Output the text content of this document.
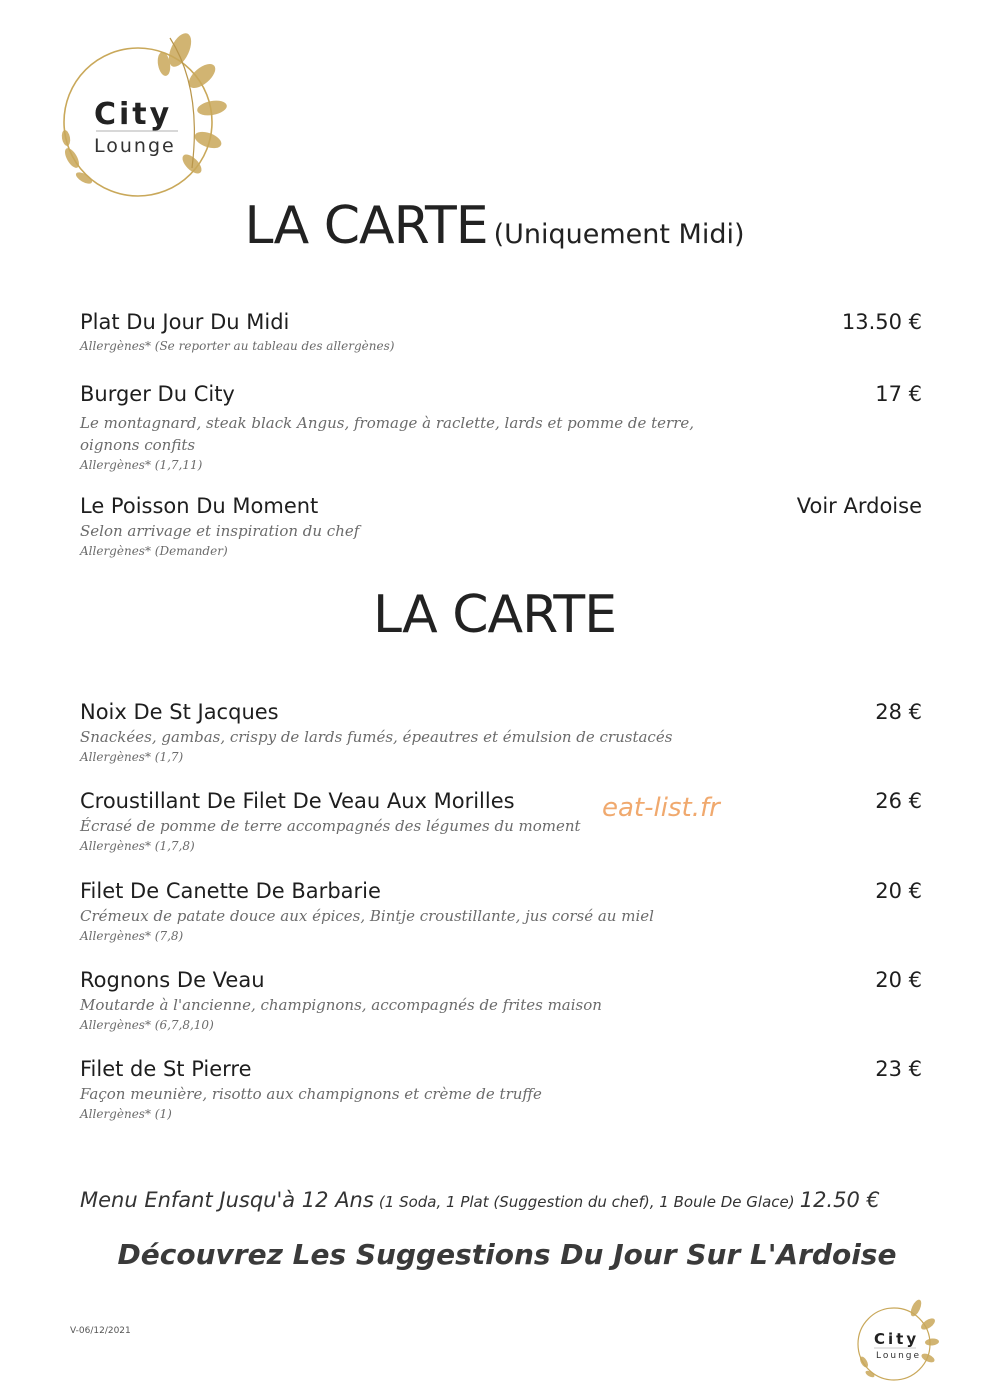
City
Lounge
LA CARTE (Uniquement Midi)
Plat Du Jour Du Midi	13.50 €
Allergènes* (Se reporter au tableau des allergènes)
Burger Du City	17 €
Le montagnard, steak black Angus, fromage à raclette, lards et pomme de terre, oignons confits
Allergènes* (1,7,11)
Le Poisson Du Moment	Voir Ardoise
Selon arrivage et inspiration du chef
Allergènes* (Demander)
LA CARTE
Noix De St Jacques	28 €
Snackées, gambas, crispy de lards fumés, épeautres et émulsion de crustacés
Allergènes* (1,7)
Croustillant De Filet De Veau Aux Morilles	26 €
Écrasé de pomme de terre accompagnés des légumes du moment
Allergènes* (1,7,8)
Filet De Canette De Barbarie	20 €
Crémeux de patate douce aux épices, Bintje croustillante, jus corsé au miel
Allergènes* (7,8)
Rognons De Veau	20 €
Moutarde à l'ancienne, champignons, accompagnés de frites maison
Allergènes* (6,7,8,10)
Filet de St Pierre	23 €
Façon meunière, risotto aux champignons et crème de truffe
Allergènes* (1)
eat-list.fr
Menu Enfant Jusqu'à 12 Ans (1 Soda, 1 Plat (Suggestion du chef), 1 Boule De Glace) 12.50 €
Découvrez Les Suggestions Du Jour Sur L'Ardoise
V-06/12/2021	City
Lounge
